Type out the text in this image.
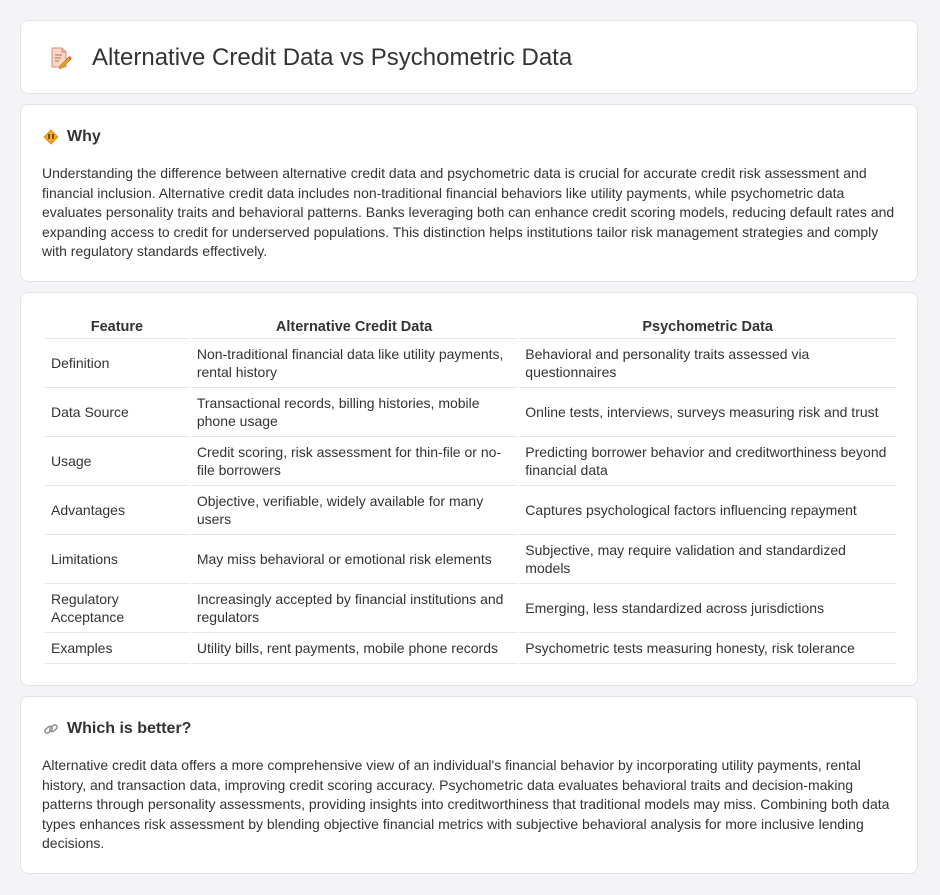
Alternative Credit Data vs Psychometric Data
Why

Understanding the difference between alternative credit data and psychometric data is crucial for accurate credit risk assessment and financial inclusion. Alternative credit data includes non-traditional financial behaviors like utility payments, while psychometric data evaluates personality traits and behavioral patterns. Banks leveraging both can enhance credit scoring models, reducing default rates and expanding access to credit for underserved populations. This distinction helps institutions tailor risk management strategies and comply with regulatory standards effectively.

Feature	Alternative Credit Data	Psychometric Data
Definition	Non-traditional financial data like utility payments, rental history	Behavioral and personality traits assessed via questionnaires
Data Source	Transactional records, billing histories, mobile phone usage	Online tests, interviews, surveys measuring risk and trust
Usage	Credit scoring, risk assessment for thin-file or no-file borrowers	Predicting borrower behavior and creditworthiness beyond financial data
Advantages	Objective, verifiable, widely available for many users	Captures psychological factors influencing repayment
Limitations	May miss behavioral or emotional risk elements	Subjective, may require validation and standardized models
Regulatory Acceptance	Increasingly accepted by financial institutions and regulators	Emerging, less standardized across jurisdictions
Examples	Utility bills, rent payments, mobile phone records	Psychometric tests measuring honesty, risk tolerance
Which is better?

Alternative credit data offers a more comprehensive view of an individual's financial behavior by incorporating utility payments, rental history, and transaction data, improving credit scoring accuracy. Psychometric data evaluates behavioral traits and decision-making patterns through personality assessments, providing insights into creditworthiness that traditional models may miss. Combining both data types enhances risk assessment by blending objective financial metrics with subjective behavioral analysis for more inclusive lending decisions.
